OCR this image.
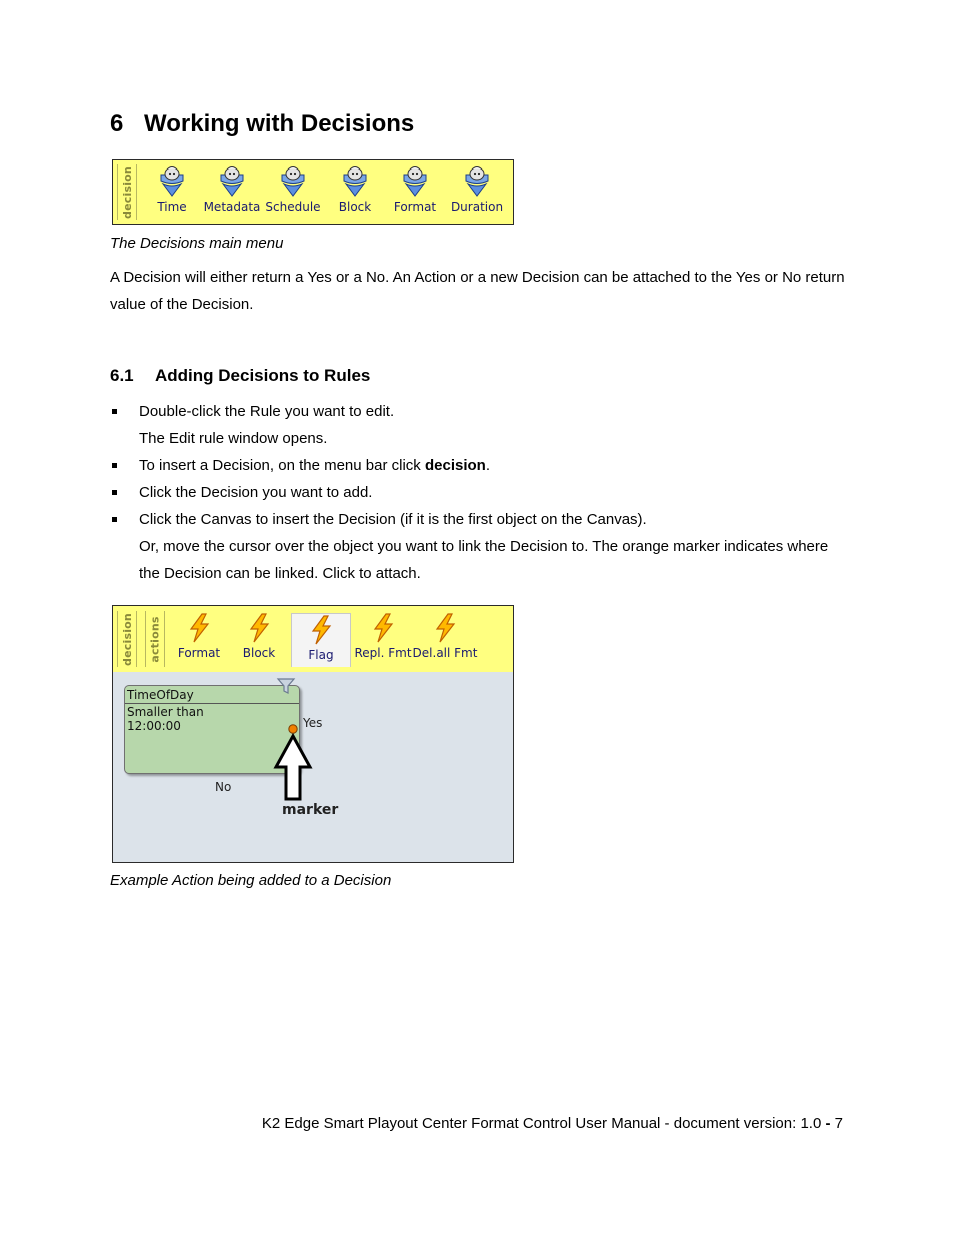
6 Working with Decisions
decision Time Metadata Schedule Block Format Duration
The Decisions main menu
A Decision will either return a Yes or a No. An Action or a new Decision can be attached to the Yes or No return value of the Decision.
6.1 Adding Decisions to Rules
Double-click the Rule you want to edit.
The Edit rule window opens.
To insert a Decision, on the menu bar click decision.
Click the Decision you want to add.
Click the Canvas to insert the Decision (if it is the first object on the Canvas).
Or, move the cursor over the object you want to link the Decision to. The orange marker indicates where the Decision can be linked. Click to attach.
decision actions Format Block	Flag Repl. Fmt Del.all Fmt
TimeOfDay
Smaller than
12:00:00	Yes
No
marker
Example Action being added to a Decision
K2 Edge Smart Playout Center Format Control User Manual - document version: 1.0 - 7
